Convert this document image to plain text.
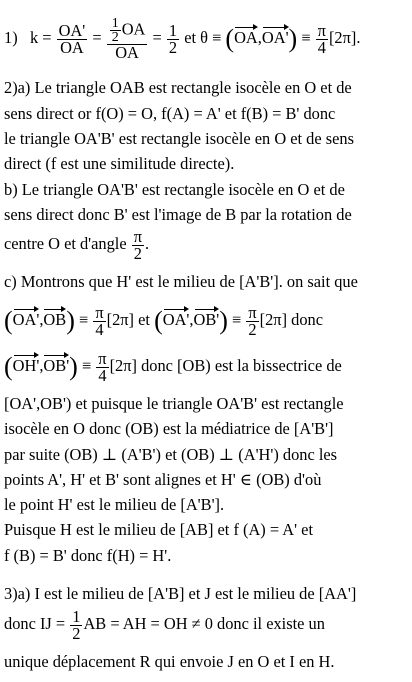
1) $k = \frac{OA'}{OA} = \frac{\frac{1}{2} OA}{OA} = \frac{1}{2}$ et $\theta \equiv (OA,OA') \equiv \frac{\pi}{4} [2\pi]$.
2)a) Le triangle OAB est rectangle isocèle en O et de
sens direct or f(O) = O, f(A) = A' et f(B) = B' donc
le triangle OA'B' est rectangle isocèle en O et de sens
direct (f est une similitude directe).
b) Le triangle OA'B' est rectangle isocèle en O et de
sens direct donc B' est l'image de B par la rotation de
centre O et d'angle $\frac{\pi}{2}$ .
c) Montrons que H' est le milieu de [A'B']. on sait que
$(OA',OB) \equiv \frac{\pi}{4} [2\pi]$ et $(OA',OB') \equiv \frac{\pi}{2} [2\pi]$ donc
$(OH',OB') \equiv \frac{\pi}{4} [2\pi]$ donc [OB) est la bissectrice de
[OA',OB') et puisque le triangle OA'B' est rectangle
isocèle en O donc (OB) est la médiatrice de [A'B']
par suite (OB) ⊥ (A'B') et (OB) ⊥ (A'H') donc les
points A', H' et B' sont alignes et H' ∈ (OB) d'où
le point H' est le milieu de [A'B'].
Puisque H est le milieu de [AB] et f (A) = A' et
f (B) = B' donc f(H) = H'.
3)a) I est le milieu de [A'B] et J est le milieu de [AA']
donc IJ = $\frac{1}{2}$ AB = AH = OH ≠ 0 donc il existe un
unique déplacement R qui envoie J en O et I en H.
